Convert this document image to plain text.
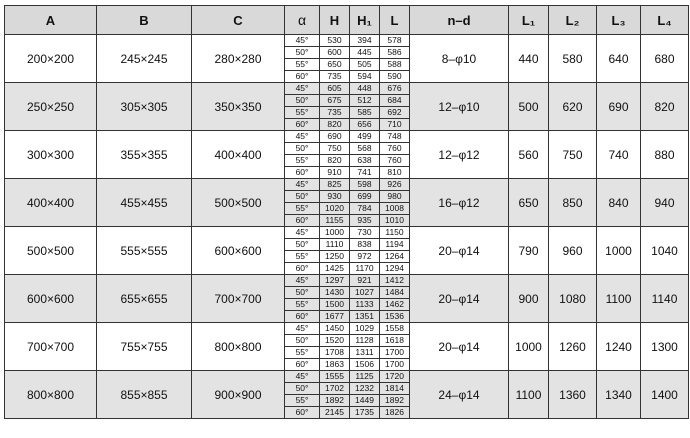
A	B	C	α	H	H₁	L	n–d	L₁	L₂	L₃	L₄
200×200	245×245	280×280	45°	530	394	578	8–φ10	440	580	640	680
			50°	600	445	586					
			55°	650	505	588					
			60°	735	594	590					
250×250	305×305	350×350	45°	605	448	676	12–φ10	500	620	690	820
			50°	675	512	684					
			55°	735	585	692					
			60°	820	656	710					
300×300	355×355	400×400	45°	690	499	748	12–φ12	560	750	740	880
			50°	750	568	760					
			55°	820	638	760					
			60°	910	741	810					
400×400	455×455	500×500	45°	825	598	926	16–φ12	650	850	840	940
			50°	930	699	980					
			55°	1020	784	1008					
			60°	1155	935	1010					
500×500	555×555	600×600	45°	1000	730	1150	20–φ14	790	960	1000	1040
			50°	1110	838	1194					
			55°	1250	972	1264					
			60°	1425	1170	1294					
600×600	655×655	700×700	45°	1297	921	1412	20–φ14	900	1080	1100	1140
			50°	1430	1027	1484					
			55°	1500	1133	1462					
			60°	1677	1351	1536					
700×700	755×755	800×800	45°	1450	1029	1558	20–φ14	1000	1260	1240	1300
			50°	1520	1128	1618					
			55°	1708	1311	1700					
			60°	1863	1506	1700					
800×800	855×855	900×900	45°	1555	1125	1720	24–φ14	1100	1360	1340	1400
			50°	1702	1232	1814					
			55°	1892	1449	1892					
			60°	2145	1735	1826					
